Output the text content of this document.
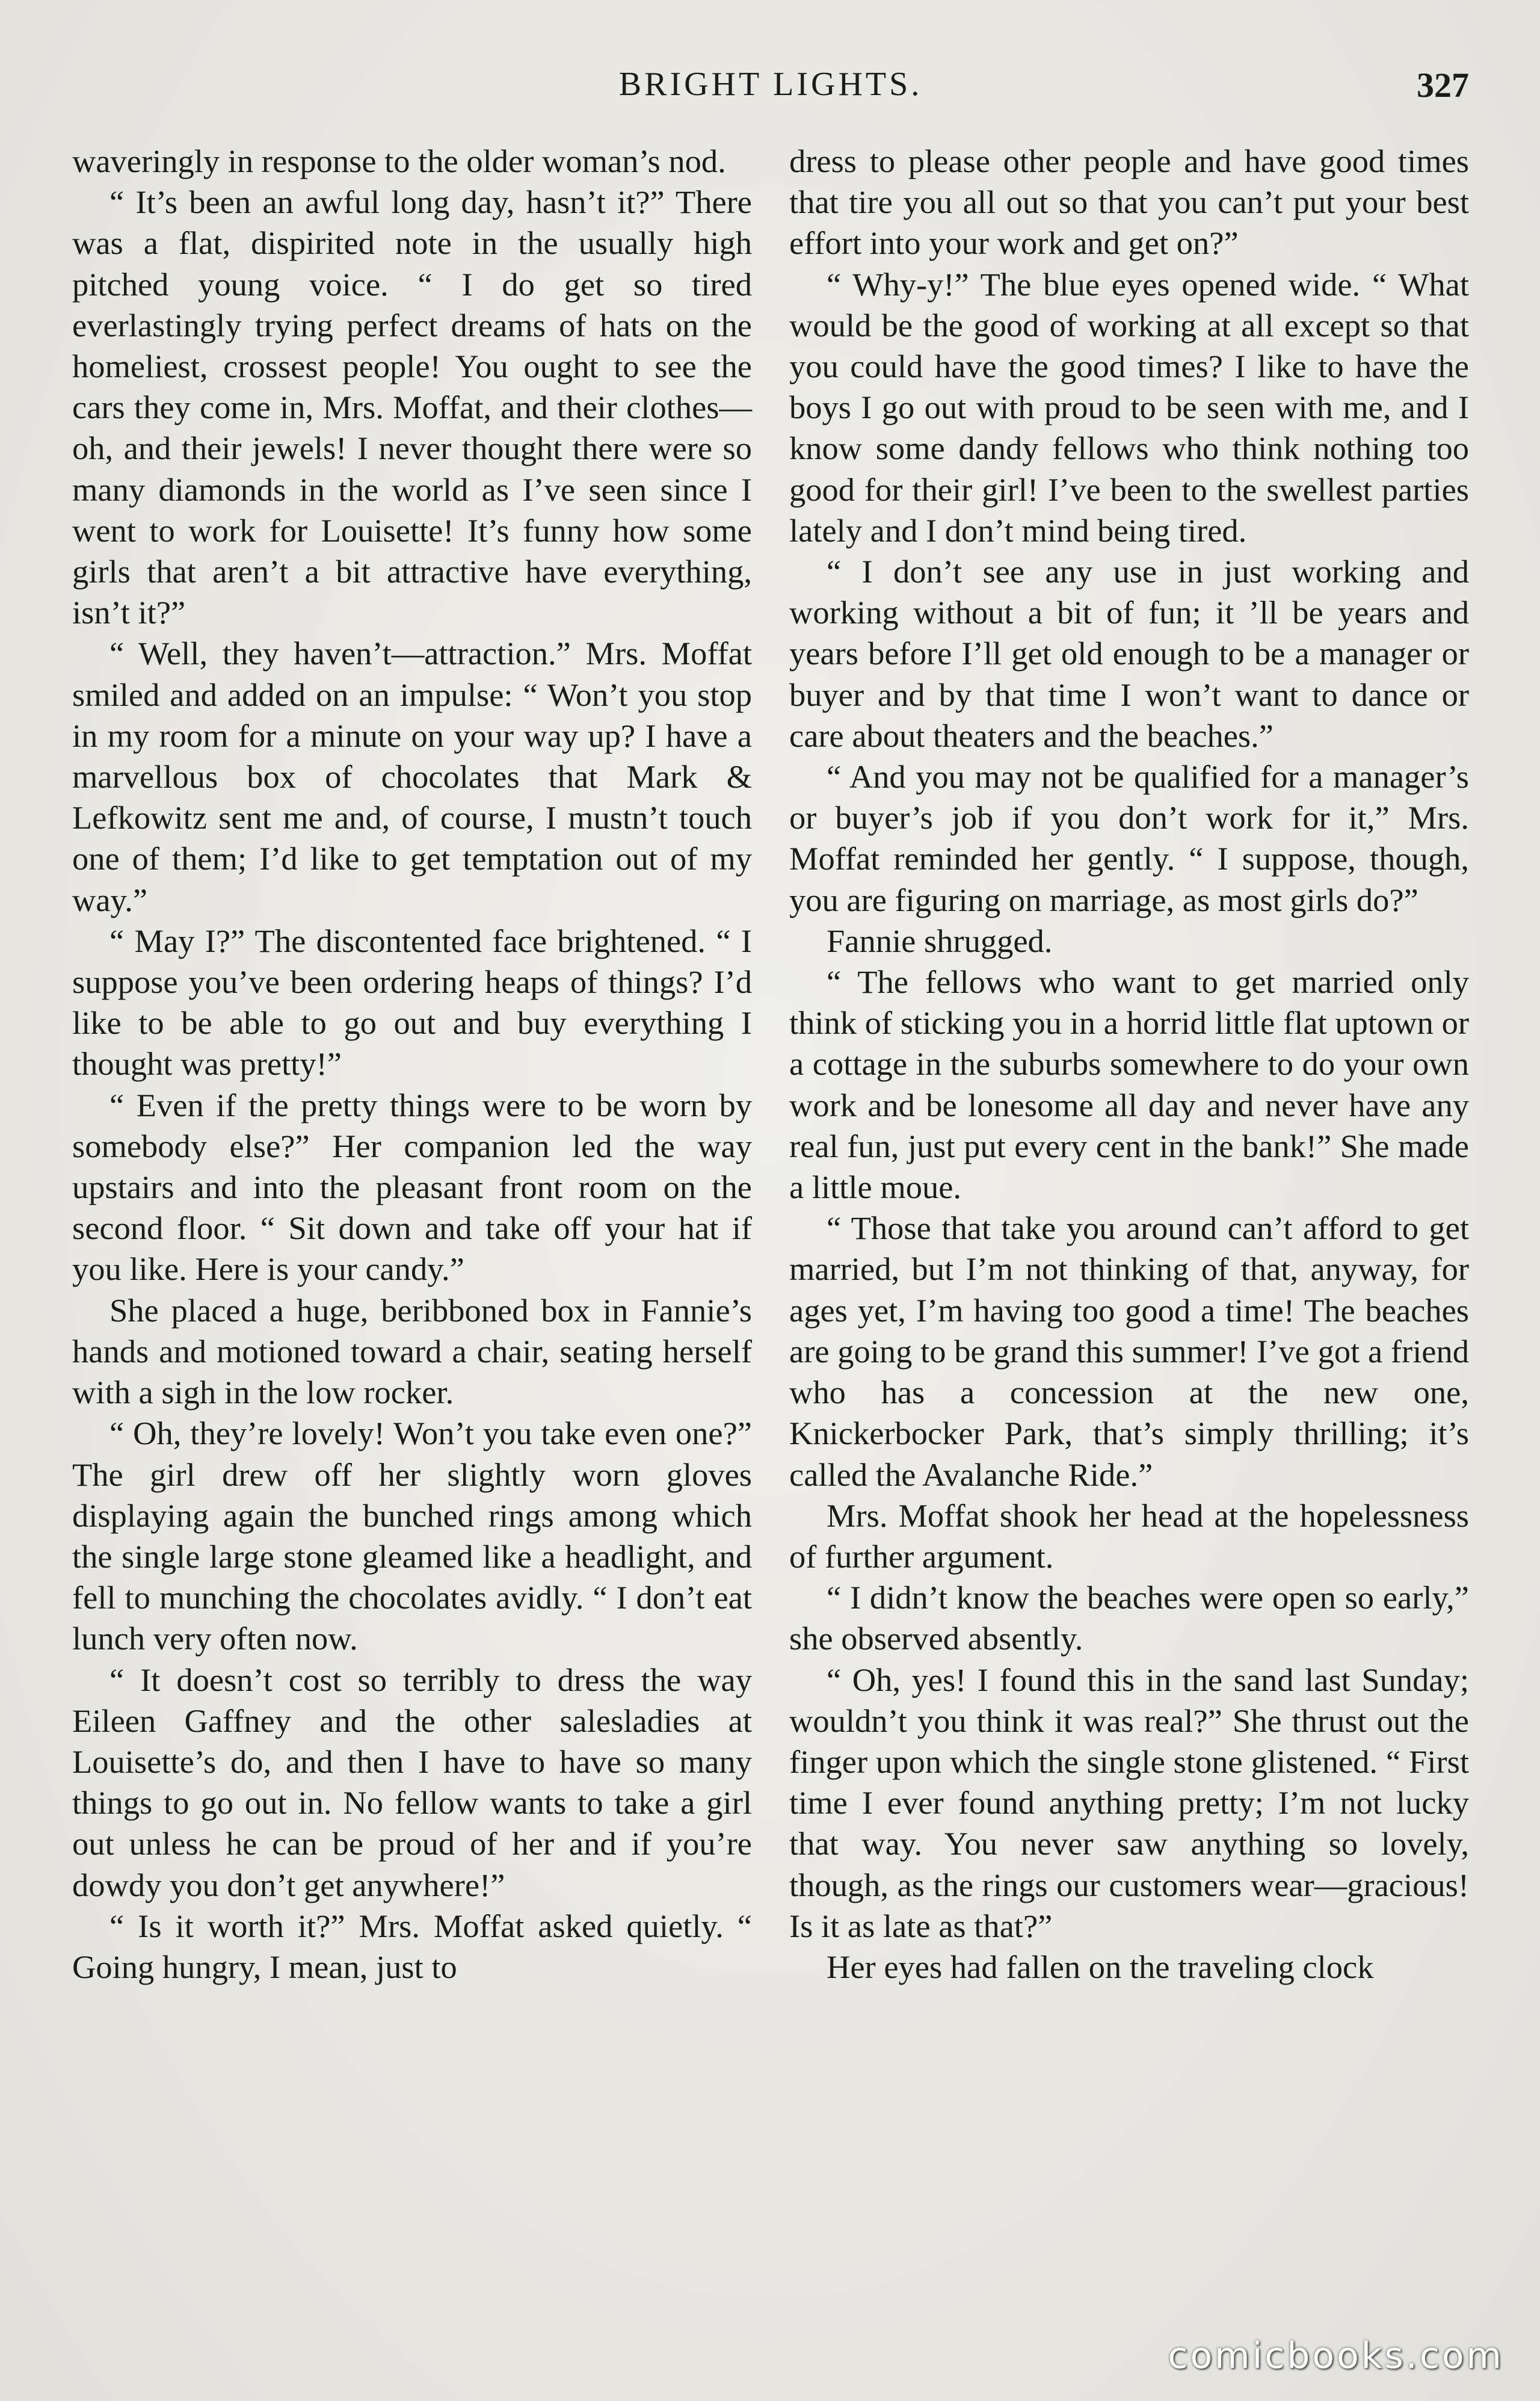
BRIGHT LIGHTS.	327

waveringly in response to the older woman’s nod.

“ It’s been an awful long day, hasn’t it?” There was a flat, dispirited note in the usually high pitched young voice. “ I do get so tired everlastingly trying perfect dreams of hats on the homeliest, crossest people! You ought to see the cars they come in, Mrs. Moffat, and their clothes—oh, and their jewels! I never thought there were so many diamonds in the world as I’ve seen since I went to work for Louisette! It’s funny how some girls that aren’t a bit attractive have everything, isn’t it?”

“ Well, they haven’t—attraction.” Mrs. Moffat smiled and added on an impulse: “ Won’t you stop in my room for a minute on your way up? I have a marvellous box of chocolates that Mark & Lefkowitz sent me and, of course, I mustn’t touch one of them; I’d like to get temptation out of my way.”

“ May I?” The discontented face brightened. “ I suppose you’ve been ordering heaps of things? I’d like to be able to go out and buy everything I thought was pretty!”

“ Even if the pretty things were to be worn by somebody else?” Her companion led the way upstairs and into the pleasant front room on the second floor. “ Sit down and take off your hat if you like. Here is your candy.”

She placed a huge, beribboned box in Fannie’s hands and motioned toward a chair, seating herself with a sigh in the low rocker.

“ Oh, they’re lovely! Won’t you take even one?” The girl drew off her slightly worn gloves displaying again the bunched rings among which the single large stone gleamed like a headlight, and fell to munching the chocolates avidly. “ I don’t eat lunch very often now.

“ It doesn’t cost so terribly to dress the way Eileen Gaffney and the other salesladies at Louisette’s do, and then I have to have so many things to go out in. No fellow wants to take a girl out unless he can be proud of her and if you’re dowdy you don’t get anywhere!”

“ Is it worth it?” Mrs. Moffat asked quietly. “ Going hungry, I mean, just to

dress to please other people and have good times that tire you all out so that you can’t put your best effort into your work and get on?”

“ Why-y!” The blue eyes opened wide. “ What would be the good of working at all except so that you could have the good times? I like to have the boys I go out with proud to be seen with me, and I know some dandy fellows who think nothing too good for their girl! I’ve been to the swellest parties lately and I don’t mind being tired.

“ I don’t see any use in just working and working without a bit of fun; it ’ll be years and years before I’ll get old enough to be a manager or buyer and by that time I won’t want to dance or care about theaters and the beaches.”

“ And you may not be qualified for a manager’s or buyer’s job if you don’t work for it,” Mrs. Moffat reminded her gently. “ I suppose, though, you are figuring on marriage, as most girls do?”

Fannie shrugged.

“ The fellows who want to get married only think of sticking you in a horrid little flat uptown or a cottage in the suburbs somewhere to do your own work and be lonesome all day and never have any real fun, just put every cent in the bank!” She made a little moue.

“ Those that take you around can’t afford to get married, but I’m not thinking of that, anyway, for ages yet, I’m having too good a time! The beaches are going to be grand this summer! I’ve got a friend who has a concession at the new one, Knickerbocker Park, that’s simply thrilling; it’s called the Avalanche Ride.”

Mrs. Moffat shook her head at the hopelessness of further argument.

“ I didn’t know the beaches were open so early,” she observed absently.

“ Oh, yes! I found this in the sand last Sunday; wouldn’t you think it was real?” She thrust out the finger upon which the single stone glistened. “ First time I ever found anything pretty; I’m not lucky that way. You never saw anything so lovely, though, as the rings our customers wear—gracious! Is it as late as that?”

Her eyes had fallen on the traveling clock

comicbooks.com
